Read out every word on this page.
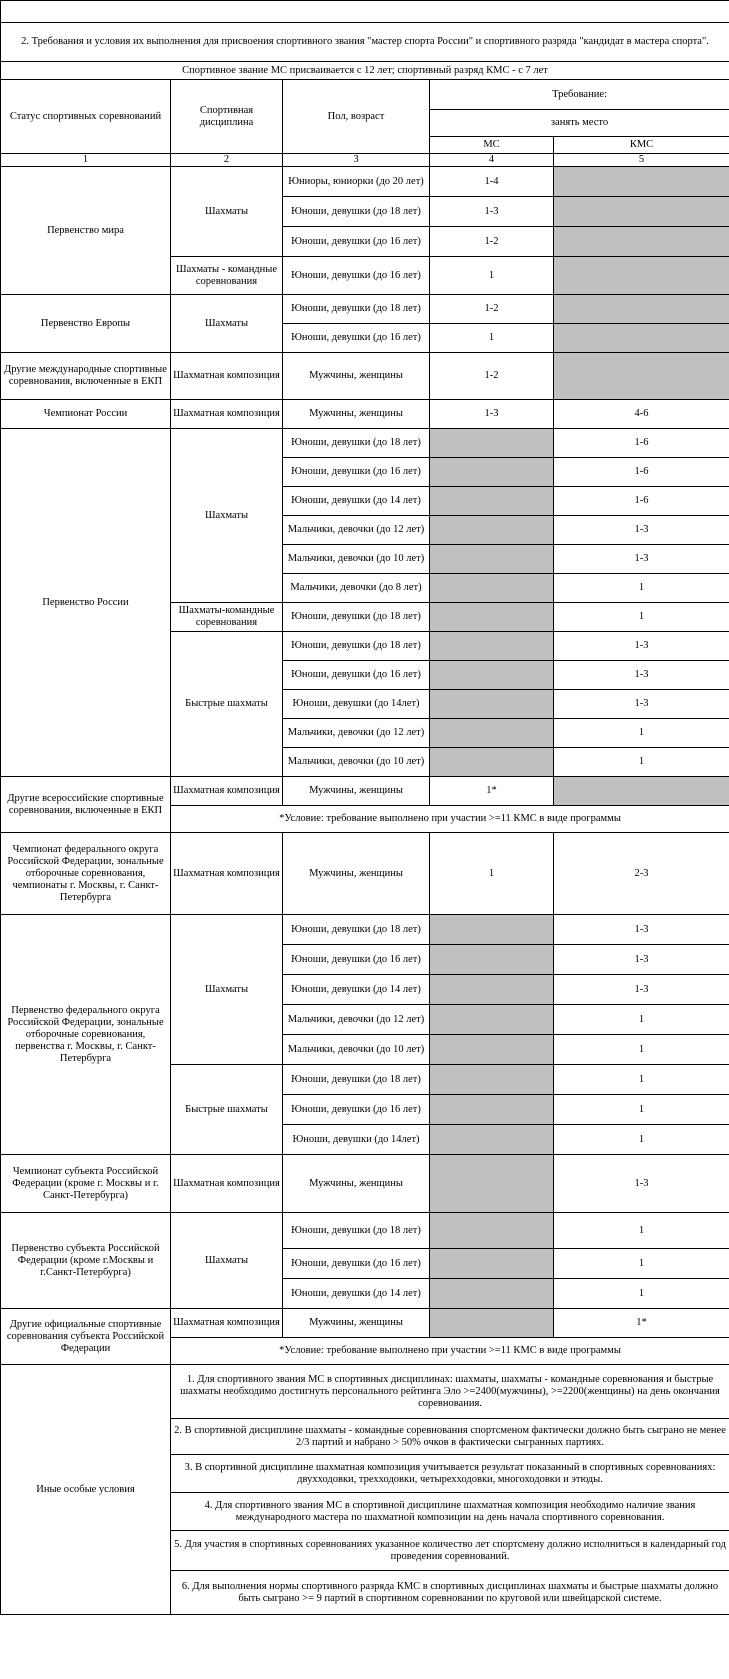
2. Требования и условия их выполнения для присвоения спортивного звания "мастер спорта России" и спортивного разряда "кандидат в мастера спорта".				
Спортивное звание МС присваивается с 12 лет; спортивный разряд КМС - с 7 лет				
Статус спортивных соревнований	Спортивная дисциплина	Пол, возраст	Требование:	
			занять место	
			МС	КМС
1	2	3	4	5
Первенство мира	Шахматы	Юниоры, юниорки (до 20 лет)	1-4	
		Юноши, девушки (до 18 лет)	1-3	
		Юноши, девушки (до 16 лет)	1-2	
	Шахматы - командные соревнования	Юноши, девушки (до 16 лет)	1	
Первенство Европы	Шахматы	Юноши, девушки (до 18 лет)	1-2	
		Юноши, девушки (до 16 лет)	1	
Другие международные спортивные соревнования, включенные в ЕКП	Шахматная композиция	Мужчины, женщины	1-2	
Чемпионат России	Шахматная композиция	Мужчины, женщины	1-3	4-6
Первенство России	Шахматы	Юноши, девушки (до 18 лет)		1-6
		Юноши, девушки (до 16 лет)		1-6
		Юноши, девушки (до 14 лет)		1-6
		Мальчики, девочки (до 12 лет)		1-3
		Мальчики, девочки (до 10 лет)		1-3
		Мальчики, девочки (до 8 лет)		1
	Шахматы-командные соревнования	Юноши, девушки (до 18 лет)		1
	Быстрые шахматы	Юноши, девушки (до 18 лет)		1-3
		Юноши, девушки (до 16 лет)		1-3
		Юноши, девушки (до 14лет)		1-3
		Мальчики, девочки (до 12 лет)		1
		Мальчики, девочки (до 10 лет)		1
Другие всероссийские спортивные соревнования, включенные в ЕКП	Шахматная композиция	Мужчины, женщины	1*	
	*Условие: требование выполнено при участии >=11 КМС в виде программы			
Чемпионат федерального округа Российской Федерации, зональные отборочные соревнования, чемпионаты г. Москвы, г. Санкт-Петербурга	Шахматная композиция	Мужчины, женщины	1	2-3
Первенство федерального округа Российской Федерации, зональные отборочные соревнования, первенства г. Москвы, г. Санкт-Петербурга	Шахматы	Юноши, девушки (до 18 лет)		1-3
		Юноши, девушки (до 16 лет)		1-3
		Юноши, девушки (до 14 лет)		1-3
		Мальчики, девочки (до 12 лет)		1
		Мальчики, девочки (до 10 лет)		1
	Быстрые шахматы	Юноши, девушки (до 18 лет)		1
		Юноши, девушки (до 16 лет)		1
		Юноши, девушки (до 14лет)		1
Чемпионат субъекта Российской Федерации (кроме г. Москвы и г. Санкт-Петербурга)	Шахматная композиция	Мужчины, женщины		1-3
Первенство субъекта Российской Федерации (кроме г.Москвы и г.Санкт-Петербурга)	Шахматы	Юноши, девушки (до 18 лет)		1
		Юноши, девушки (до 16 лет)		1
		Юноши, девушки (до 14 лет)		1
Другие официальные спортивные соревнования субъекта Российской Федерации	Шахматная композиция	Мужчины, женщины		1*
	*Условие: требование выполнено при участии >=11 КМС в виде программы			
Иные особые условия	1. Для спортивного звания МС в спортивных дисциплинах: шахматы, шахматы - командные соревнования и быстрые шахматы необходимо достигнуть персонального рейтинга Эло >=2400(мужчины), >=2200(женщины) на день окончания соревнования.			
	2. В спортивной дисциплине шахматы - командные соревнования спортсменом фактически должно быть сыграно не менее 2/3 партий и набрано > 50% очков в фактически сыгранных партиях.			
	3. В спортивной дисциплине шахматная композиция учитывается результат показанный в спортивных соревнованиях: двухходовки, трехходовки, четырехходовки, многоходовки и этюды.			
	4. Для спортивного звания МС в спортивной дисциплине шахматная композиция необходимо наличие звания международного мастера по шахматной композиции на день начала спортивного соревнования.			
	5. Для участия в спортивных соревнованиях указанное количество лет спортсмену должно исполниться в календарный год проведения соревнований.			
	6. Для выполнения нормы спортивного разряда КМС в спортивных дисциплинах шахматы и быстрые шахматы должно быть сыграно >= 9 партий в спортивном соревновании по круговой или швейцарской системе.			
